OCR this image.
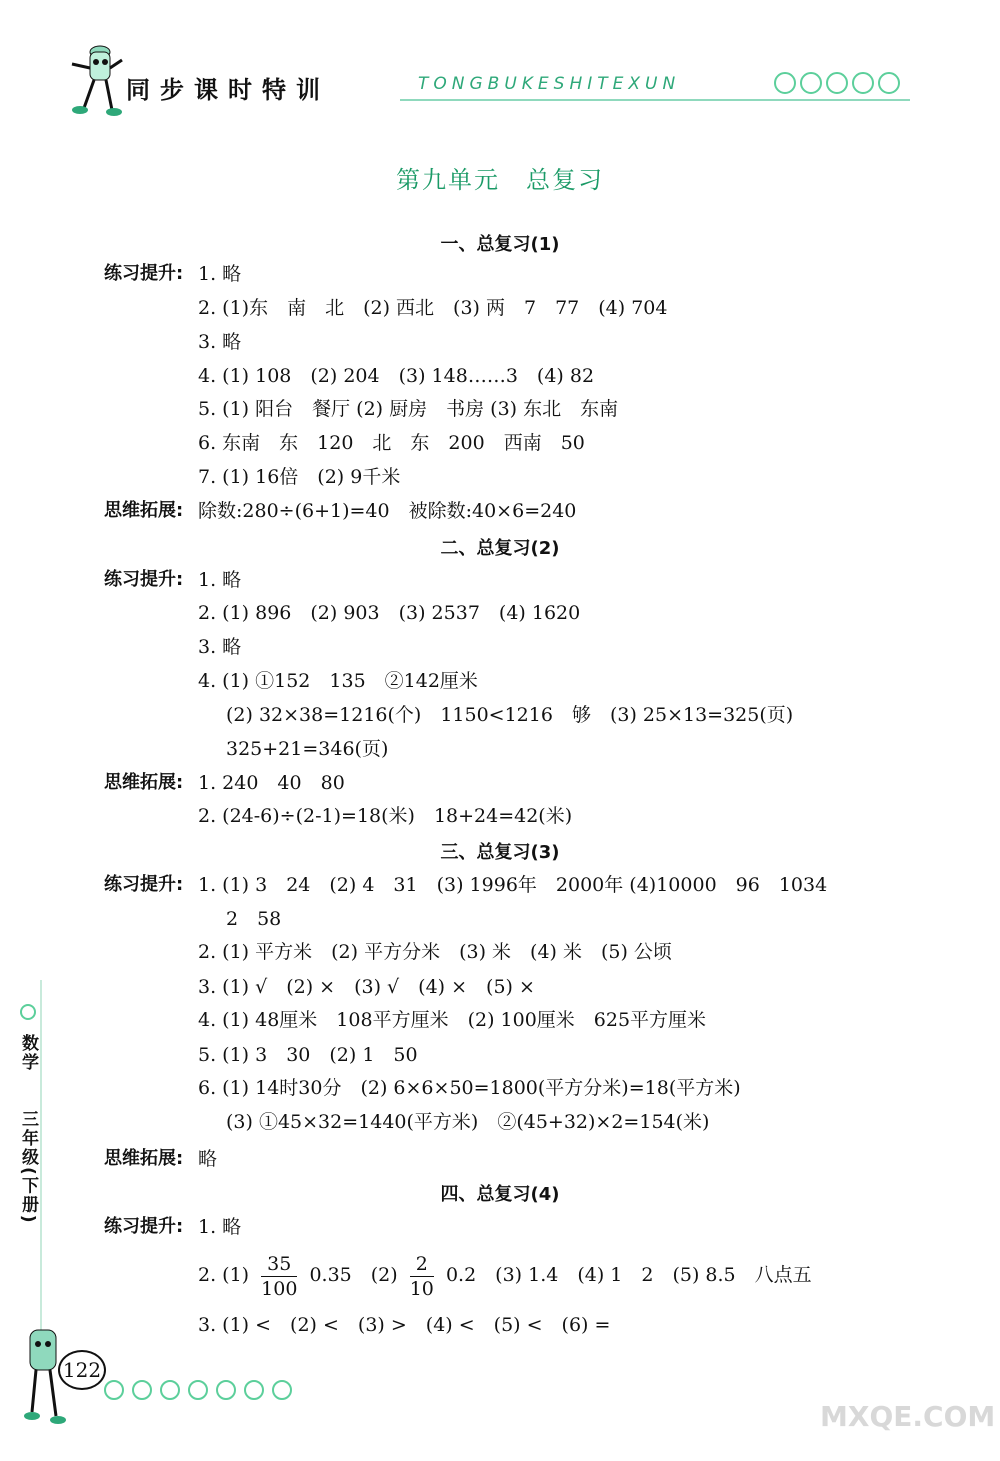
同步课时特训	TONGBUKESHITEXUN
第九单元　总复习
一、总复习(1)
练习提升: 1. 略
2. (1)东　南　北　(2) 西北　(3) 两　7　77　(4) 704
3. 略
4. (1) 108　(2) 204　(3) 148……3　(4) 82
5. (1) 阳台　餐厅 (2) 厨房　书房 (3) 东北　东南
6. 东南　东　120　北　东　200　西南　50
7. (1) 16倍　(2) 9千米
思维拓展: 除数:280÷(6+1)=40　被除数:40×6=240
二、总复习(2)
练习提升: 1. 略
2. (1) 896　(2) 903　(3) 2537　(4) 1620
3. 略
4. (1) ①152　135　②142厘米
(2) 32×38=1216(个)　1150<1216　够　(3) 25×13=325(页)
325+21=346(页)
思维拓展: 1. 240　40　80
2. (24-6)÷(2-1)=18(米)　18+24=42(米)
三、总复习(3)
练习提升: 1. (1) 3　24　(2) 4　31　(3) 1996年　2000年 (4)10000　96　1034
2　58
2. (1) 平方米　(2) 平方分米　(3) 米　(4) 米　(5) 公顷
3. (1) √　(2) ×　(3) √　(4) ×　(5) ×
4. (1) 48厘米　108平方厘米　(2) 100厘米　625平方厘米
5. (1) 3　30　(2) 1　50
6. (1) 14时30分　(2) 6×6×50=1800(平方分米)=18(平方米)
(3) ①45×32=1440(平方米)　②(45+32)×2=154(米)
思维拓展: 略
四、总复习(4)
练习提升: 1. 略
2. $(1) \frac{35}{100} 0.35$　$(2) \frac{2}{10} 0.2$　(3) 1.4　(4) 1　2　(5) 8.5　八点五
3. (1) <　(2) <　(3) >　(4) <　(5) <　(6) =
数学
三年级(下册)
122
MXQE.COM
